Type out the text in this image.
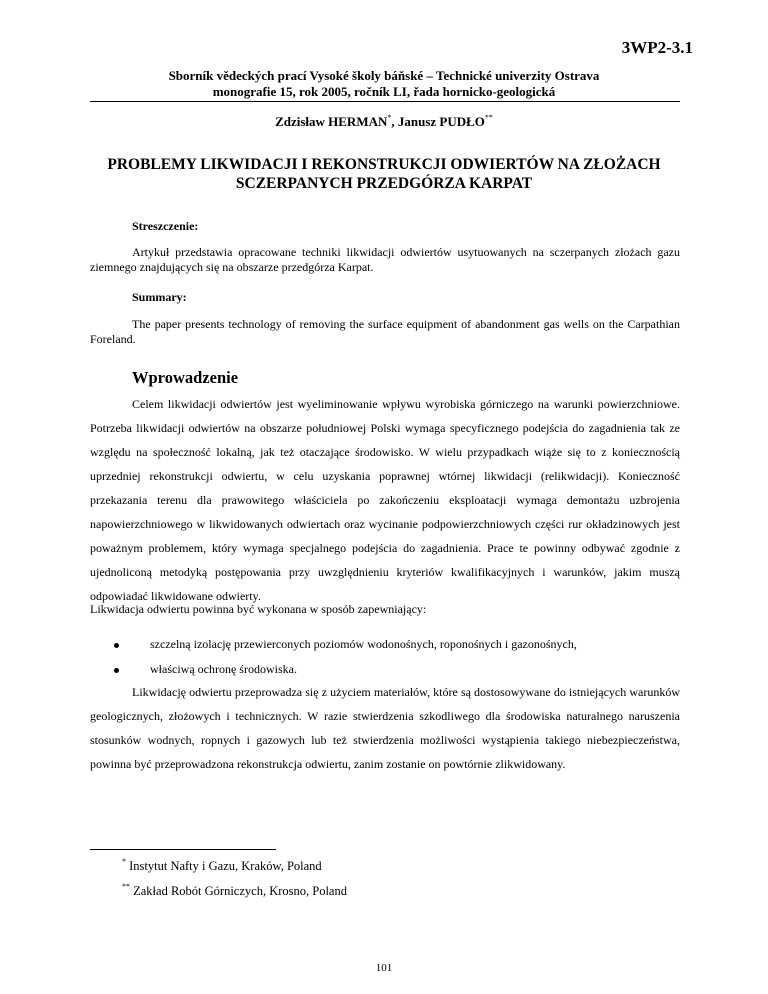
3WP2-3.1
Sborník vědeckých prací Vysoké školy báňské – Technické univerzity Ostrava
monografie 15, rok 2005, ročník LI, řada hornicko-geologická
Zdzisław HERMAN*, Janusz PUDŁO**
PROBLEMY LIKWIDACJI I REKONSTRUKCJI ODWIERTÓW NA ZŁOŻACH
SCZERPANYCH PRZEDGÓRZA KARPAT
Streszczenie:
Artykuł przedstawia opracowane techniki likwidacji odwiertów usytuowanych na sczerpanych złożach gazu ziemnego znajdujących się na obszarze przedgórza Karpat.
Summary:
The paper presents technology of removing the surface equipment of abandonment gas wells on the Carpathian Foreland.
Wprowadzenie
Celem likwidacji odwiertów jest wyeliminowanie wpływu wyrobiska górniczego na warunki powierzchniowe. Potrzeba likwidacji odwiertów na obszarze południowej Polski wymaga specyficznego podejścia do zagadnienia tak ze względu na społeczność lokalną, jak też otaczające środowisko. W wielu przypadkach wiąże się to z koniecznością uprzedniej rekonstrukcji odwiertu, w celu uzyskania poprawnej wtórnej likwidacji (relikwidacji). Konieczność przekazania terenu dla prawowitego właściciela po zakończeniu eksploatacji wymaga demontażu uzbrojenia napowierzchniowego w likwidowanych odwiertach oraz wycinanie podpowierzchniowych części rur okładzinowych jest poważnym problemem, który wymaga specjalnego podejścia do zagadnienia. Prace te powinny odbywać zgodnie z ujednoliconą metodyką postępowania przy uwzględnieniu kryteriów kwalifikacyjnych i warunków, jakim muszą odpowiadać likwidowane odwierty.
Likwidacja odwiertu powinna być wykonana w sposób zapewniający:
szczelną izolację przewierconych poziomów wodonośnych, roponośnych i gazonośnych,
właściwą ochronę środowiska.
Likwidację odwiertu przeprowadza się z użyciem materiałów, które są dostosowywane do istniejących warunków geologicznych, złożowych i technicznych. W razie stwierdzenia szkodliwego dla środowiska naturalnego naruszenia stosunków wodnych, ropnych i gazowych lub też stwierdzenia możliwości wystąpienia takiego niebezpieczeństwa, powinna być przeprowadzona rekonstrukcja odwiertu, zanim zostanie on powtórnie zlikwidowany.
* Instytut Nafty i Gazu, Kraków, Poland
** Zakład Robót Górniczych, Krosno, Poland
101
